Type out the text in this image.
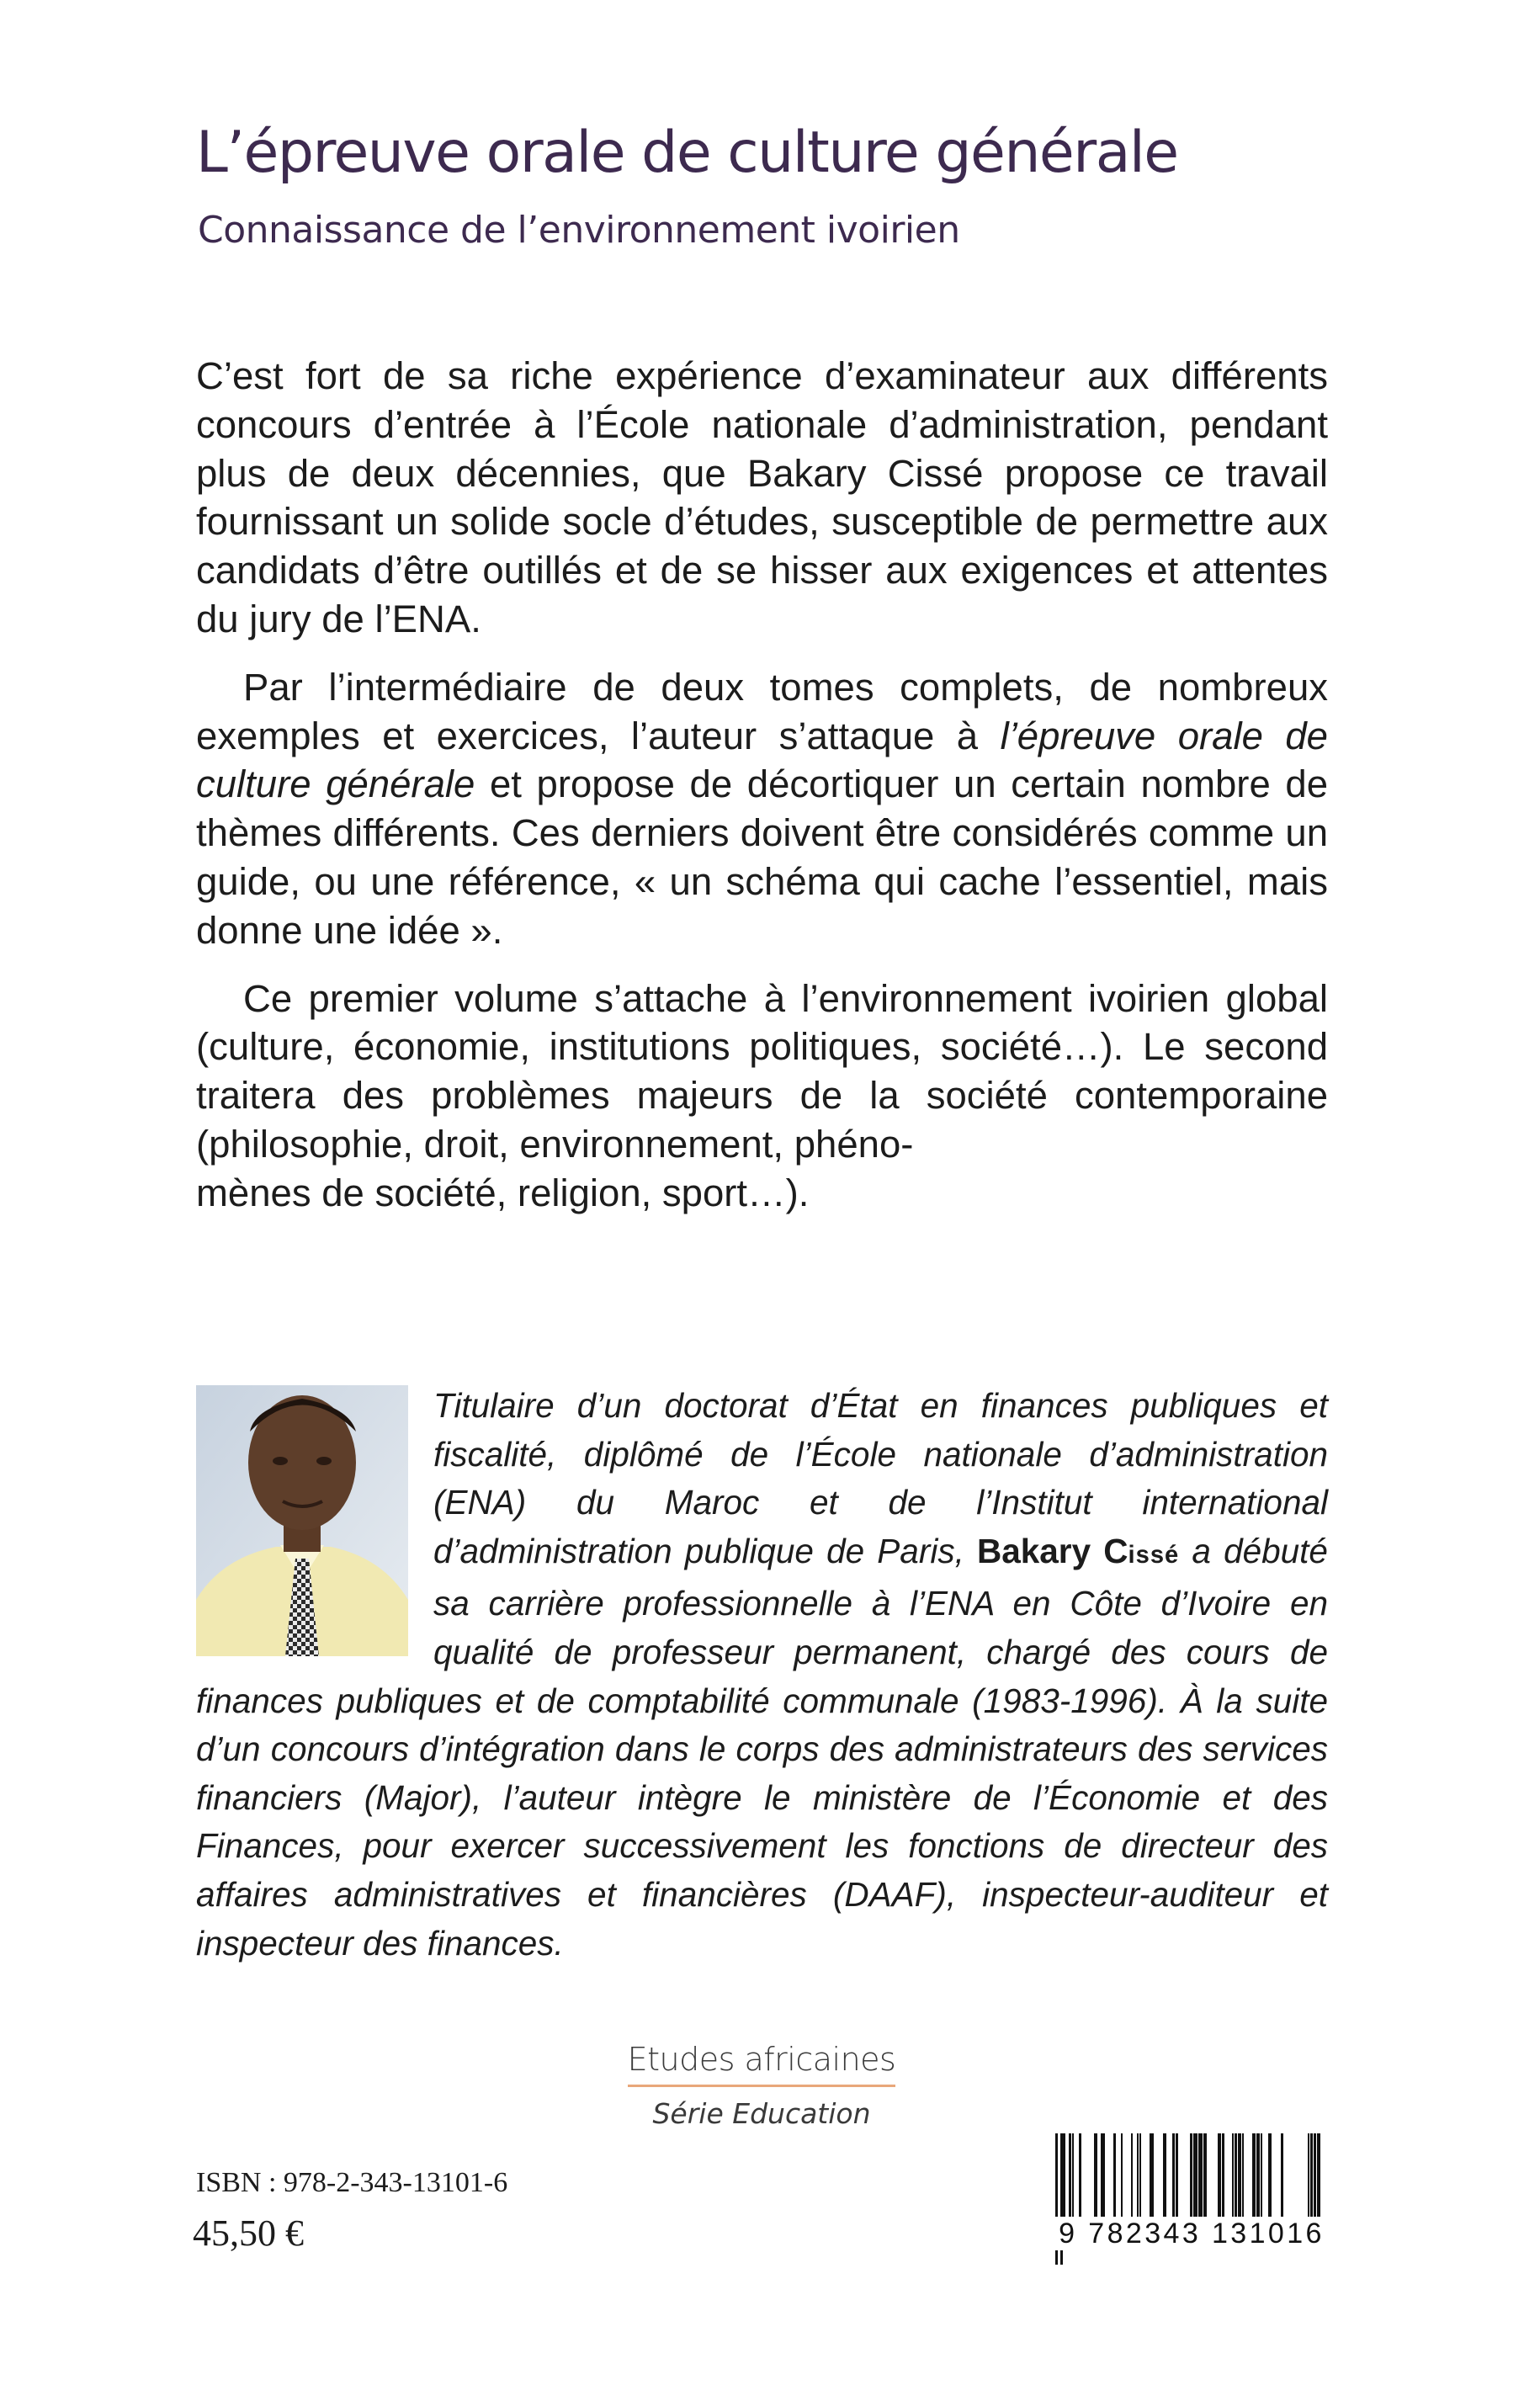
L’épreuve orale de culture générale
Connaissance de l’environnement ivoirien

C’est fort de sa riche expérience d’examinateur aux différents concours d’entrée à l’École nationale d’administration, pendant plus de deux décennies, que Bakary Cissé propose ce travail fournissant un solide socle d’études, susceptible de permettre aux candidats d’être outillés et de se hisser aux exigences et attentes du jury de l’ENA.

Par l’intermédiaire de deux tomes complets, de nombreux exemples et exercices, l’auteur s’attaque à l’épreuve orale de culture générale et propose de décortiquer un certain nombre de thèmes différents. Ces derniers doivent être considérés comme un guide, ou une référence, « un schéma qui cache l’essentiel, mais donne une idée ».

Ce premier volume s’attache à l’environnement ivoirien global (culture, économie, institutions politiques, société…). Le second traitera des problèmes majeurs de la société contemporaine (philosophie, droit, environnement, phéno-
mènes de société, religion, sport…).

Titulaire d’un doctorat d’État en finances publiques et fiscalité, diplômé de l’École nationale d’administration (ENA) du Maroc et de l’Institut international d’administration publique de Paris, Bakary Cissé a débuté sa carrière professionnelle à l’ENA en Côte d’Ivoire en qualité de professeur permanent, chargé des cours de finances publiques et de comptabilité communale (1983-1996). À la suite d’un concours d’intégration dans le corps des administrateurs des services financiers (Major), l’auteur intègre le ministère de l’Économie et des Finances, pour exercer successivement les fonctions de directeur des affaires administratives et financières (DAAF), inspecteur-auditeur et inspecteur des finances.
Etudes africaines
Série Education
ISBN : 978-2-343-13101-6
45,50 €	9 782343 131016
